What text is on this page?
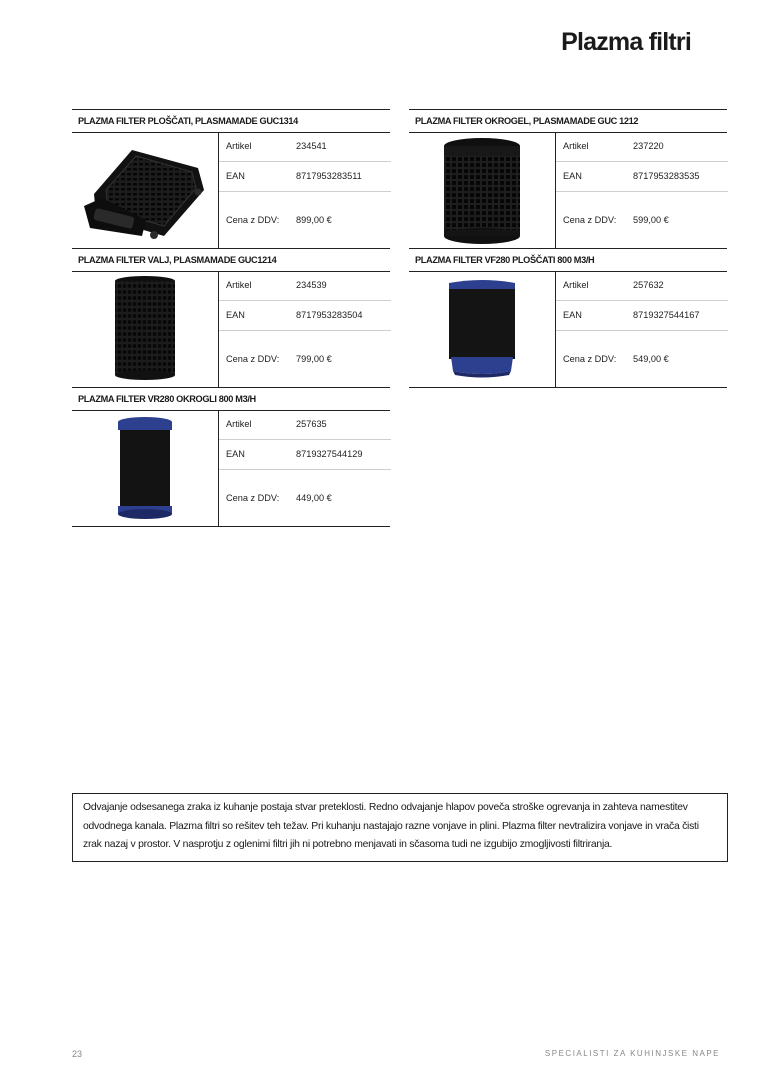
Plazma filtri
PLAZMA FILTER PLOŠČATI, PLASMAMADE GUC1314
Artikel	234541
EAN	8717953283511
Cena z DDV: 899,00 €
PLAZMA FILTER OKROGEL, PLASMAMADE GUC 1212
Artikel	237220
EAN	8717953283535
Cena z DDV: 599,00 €
PLAZMA FILTER VALJ, PLASMAMADE GUC1214
Artikel	234539
EAN	8717953283504
Cena z DDV: 799,00 €
PLAZMA FILTER VF280 PLOŠČATI 800 M3/H
Artikel	257632
EAN	8719327544167
Cena z DDV: 549,00 €
PLAZMA FILTER VR280 OKROGLI 800 M3/H
Artikel	257635
EAN	8719327544129
Cena z DDV: 449,00 €

Odvajanje odsesanega zraka iz kuhanje postaja stvar preteklosti. Redno odvajanje hlapov poveča stroške ogrevanja in zahteva namestitev odvodnega kanala. Plazma filtri so rešitev teh težav. Pri kuhanju nastajajo razne vonjave in plini. Plazma filter nevtralizira vonjave in vrača čisti zrak nazaj v prostor. V nasprotju z oglenimi filtri jih ni potrebno menjavati in sčasoma tudi ne izgubijo zmogljivosti filtriranja.

23	SPECIALISTI ZA KUHINJSKE NAPE
